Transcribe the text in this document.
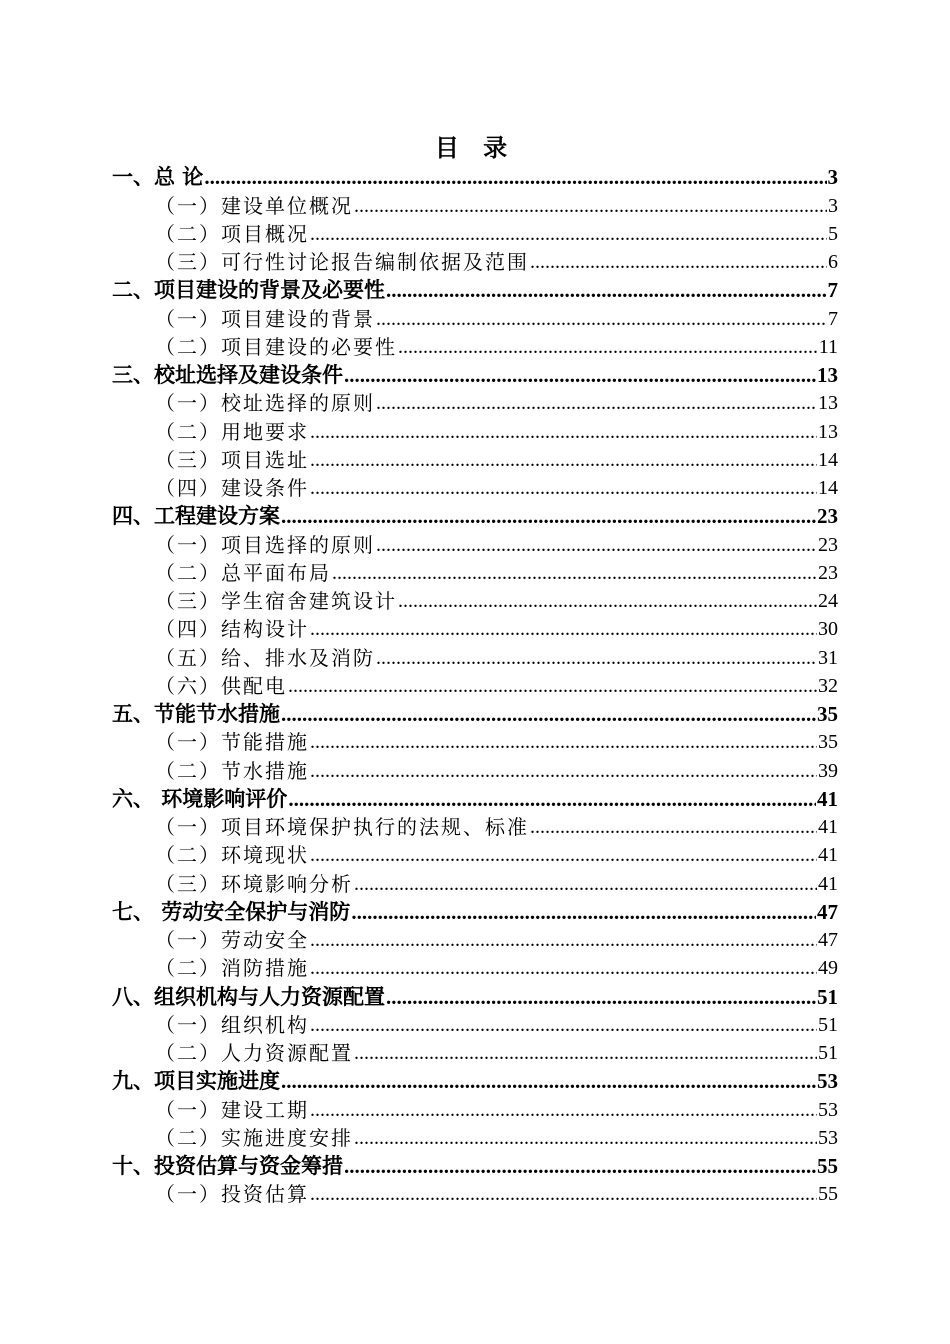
目 录
一、总 论 .....	3
（一）建设单位概况 .....	3
（二）项目概况 .....	5
（三）可行性讨论报告编制依据及范围 .....	6
二、项目建设的背景及必要性 .....	7
（一）项目建设的背景 .....	7
（二）项目建设的必要性 .....	11
三、校址选择及建设条件 .....	13
（一）校址选择的原则 .....	13
（二）用地要求 .....	13
（三）项目选址 .....	14
（四）建设条件 .....	14
四、工程建设方案 .....	23
（一）项目选择的原则 .....	23
（二）总平面布局 .....	23
（三）学生宿舍建筑设计 .....	24
（四）结构设计 .....	30
（五）给、排水及消防 .....	31
（六）供配电 .....	32
五、节能节水措施 .....	35
（一）节能措施 .....	35
（二）节水措施 .....	39
六、 环境影响评价 .....	41
（一）项目环境保护执行的法规、标准 .....	41
（二）环境现状 .....	41
（三）环境影响分析 .....	41
七、 劳动安全保护与消防 .....	47
（一）劳动安全 .....	47
（二）消防措施 .....	49
八、组织机构与人力资源配置 .....	51
（一）组织机构 .....	51
（二）人力资源配置 .....	51
九、项目实施进度 .....	53
（一）建设工期 .....	53
（二）实施进度安排 .....	53
十、投资估算与资金筹措 .....	55
（一）投资估算 .....	55
